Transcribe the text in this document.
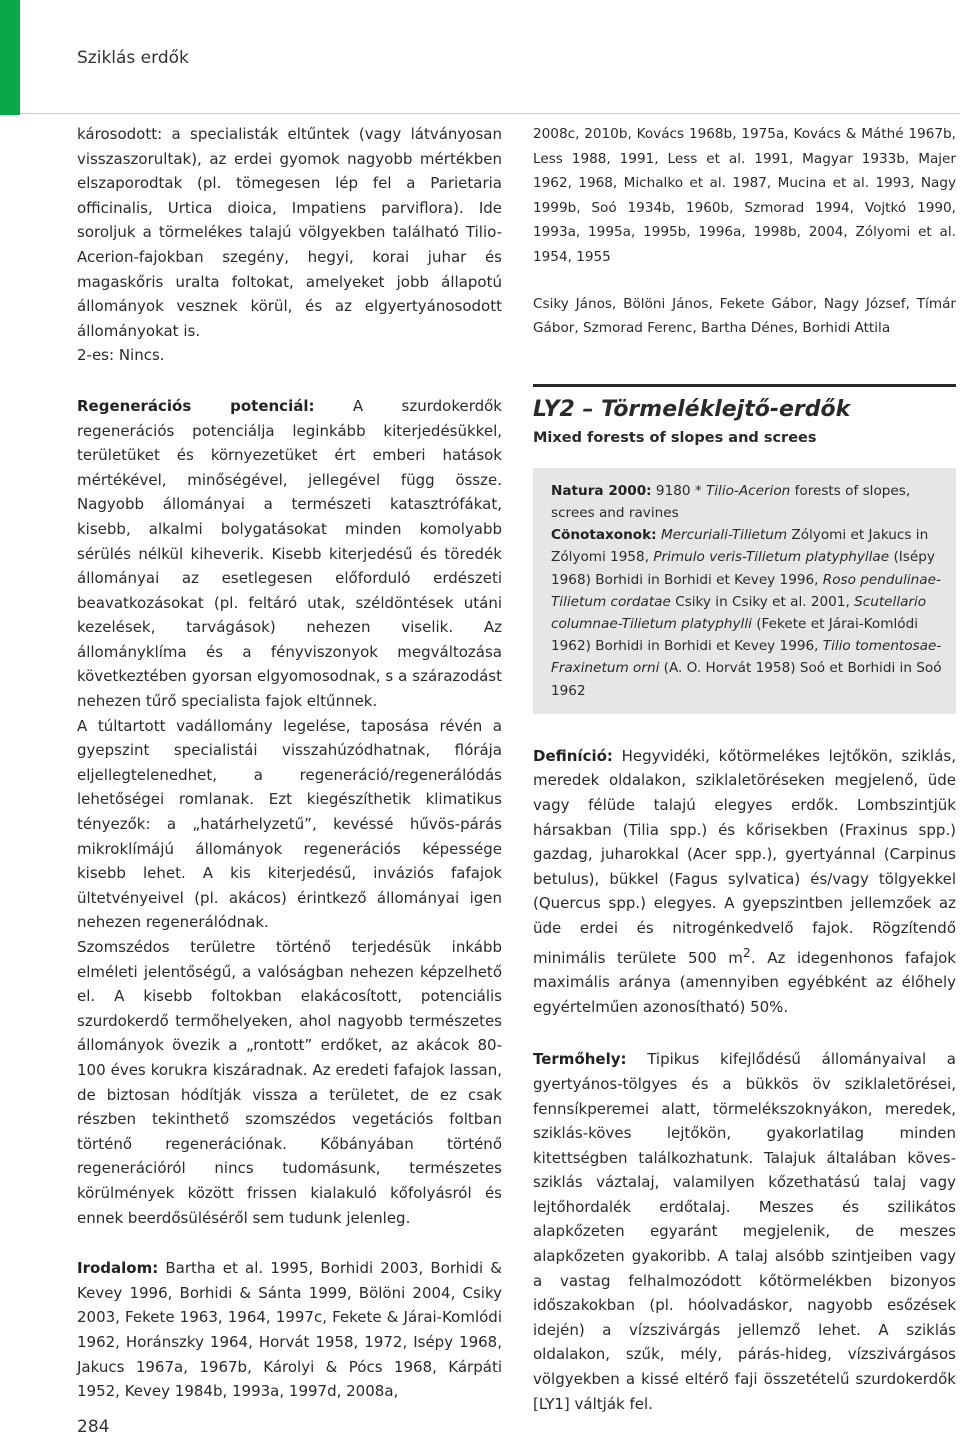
Sziklás erdők

károsodott: a specialisták eltűntek (vagy látványosan visszaszorultak), az erdei gyomok nagyobb mértékben elszaporodtak (pl. tömegesen lép fel a Parietaria officinalis, Urtica dioica, Impatiens parviflora). Ide soroljuk a törmelékes talajú völgyekben található Tilio-Acerion-fajokban szegény, hegyi, korai juhar és magaskőris uralta foltokat, amelyeket jobb állapotú állományok vesznek körül, és az elgyertyánosodott állományokat is.

2-es: Nincs.

Regenerációs potenciál: A szurdokerdők regenerációs potenciálja leginkább kiterjedésükkel, területüket és környezetüket ért emberi hatások mértékével, minőségével, jellegével függ össze. Nagyobb állományai a természeti katasztrófákat, kisebb, alkalmi bolygatásokat minden komolyabb sérülés nélkül kiheverik. Kisebb kiterjedésű és töredék állományai az esetlegesen előforduló erdészeti beavatkozásokat (pl. feltáró utak, széldöntések utáni kezelések, tarvágások) nehezen viselik. Az állományklíma és a fényviszonyok megváltozása következtében gyorsan elgyomosodnak, s a szárazodást nehezen tűrő specialista fajok eltűnnek.

A túltartott vadállomány legelése, taposása révén a gyepszint specialistái visszahúzódhatnak, flórája eljellegtelenedhet, a regeneráció/regenerálódás lehetőségei romlanak. Ezt kiegészíthetik klimatikus tényezők: a „határhelyzetű”, kevéssé hűvös-párás mikroklímájú állományok regenerációs képessége kisebb lehet. A kis kiterjedésű, inváziós fafajok ültetvényeivel (pl. akácos) érintkező állományai igen nehezen regenerálódnak.

Szomszédos területre történő terjedésük inkább elméleti jelentőségű, a valóságban nehezen képzelhető el. A kisebb foltokban elakácosított, potenciális szurdokerdő termőhelyeken, ahol nagyobb természetes állományok övezik a „rontott” erdőket, az akácok 80-100 éves korukra kiszáradnak. Az eredeti fafajok lassan, de biztosan hódítják vissza a területet, de ez csak részben tekinthető szomszédos vegetációs foltban történő regenerációnak. Kőbányában történő regenerációról nincs tudomásunk, természetes körülmények között frissen kialakuló kőfolyásról és ennek beerdősüléséről sem tudunk jelenleg.

Irodalom: Bartha et al. 1995, Borhidi 2003, Borhidi & Kevey 1996, Borhidi & Sánta 1999, Bölöni 2004, Csiky 2003, Fekete 1963, 1964, 1997c, Fekete & Járai-Komlódi 1962, Horánszky 1964, Horvát 1958, 1972, Isépy 1968, Jakucs 1967a, 1967b, Károlyi & Pócs 1968, Kárpáti 1952, Kevey 1984b, 1993a, 1997d, 2008a,

2008c, 2010b, Kovács 1968b, 1975a, Kovács & Máthé 1967b, Less 1988, 1991, Less et al. 1991, Magyar 1933b, Majer 1962, 1968, Michalko et al. 1987, Mucina et al. 1993, Nagy 1999b, Soó 1934b, 1960b, Szmorad 1994, Vojtkó 1990, 1993a, 1995a, 1995b, 1996a, 1998b, 2004, Zólyomi et al. 1954, 1955

Csiky János, Bölöni János, Fekete Gábor, Nagy József, Tímár Gábor, Szmorad Ferenc, Bartha Dénes, Borhidi Attila

LY2 – Törmeléklejtő-erdők
Mixed forests of slopes and screes
Natura 2000: 9180 * Tilio-Acerion forests of slopes, screes and ravines
Cönotaxonok: Mercuriali-Tilietum Zólyomi et Jakucs in Zólyomi 1958, Primulo veris-Tilietum platyphyllae (Isépy 1968) Borhidi in Borhidi et Kevey 1996, Roso pendulinae-Tilietum cordatae Csiky in Csiky et al. 2001, Scutellario columnae-Tilietum platyphylli (Fekete et Járai-Komlódi 1962) Borhidi in Borhidi et Kevey 1996, Tilio tomentosae-Fraxinetum orni (A. O. Horvát 1958) Soó et Borhidi in Soó 1962

Definíció: Hegyvidéki, kőtörmelékes lejtőkön, sziklás, meredek oldalakon, sziklaletöréseken megjelenő, üde vagy félüde talajú elegyes erdők. Lombszintjük hársakban (Tilia spp.) és kőrisekben (Fraxinus spp.) gazdag, juharokkal (Acer spp.), gyertyánnal (Carpinus betulus), bükkel (Fagus sylvatica) és/vagy tölgyekkel (Quercus spp.) elegyes. A gyepszintben jellemzőek az üde erdei és nitrogénkedvelő fajok. Rögzítendő minimális területe 500 $m^2$. Az idegenhonos fafajok maximális aránya (amennyiben egyébként az élőhely egyértelműen azonosítható) 50%.

Termőhely: Tipikus kifejlődésű állományaival a gyertyános-tölgyes és a bükkös öv sziklaletörései, fennsíkperemei alatt, törmelékszoknyákon, meredek, sziklás-köves lejtőkön, gyakorlatilag minden kitettségben találkozhatunk. Talajuk általában köves-sziklás váztalaj, valamilyen kőzethatású talaj vagy lejtőhordalék erdőtalaj. Meszes és szilikátos alapkőzeten egyaránt megjelenik, de meszes alapkőzeten gyakoribb. A talaj alsóbb szintjeiben vagy a vastag felhalmozódott kőtörmelékben bizonyos időszakokban (pl. hóolvadáskor, nagyobb esőzések idején) a vízszivárgás jellemző lehet. A sziklás oldalakon, szűk, mély, párás-hideg, vízszivárgásos völgyekben a kissé eltérő faji összetételű szurdokerdők [LY1] váltják fel.

284
